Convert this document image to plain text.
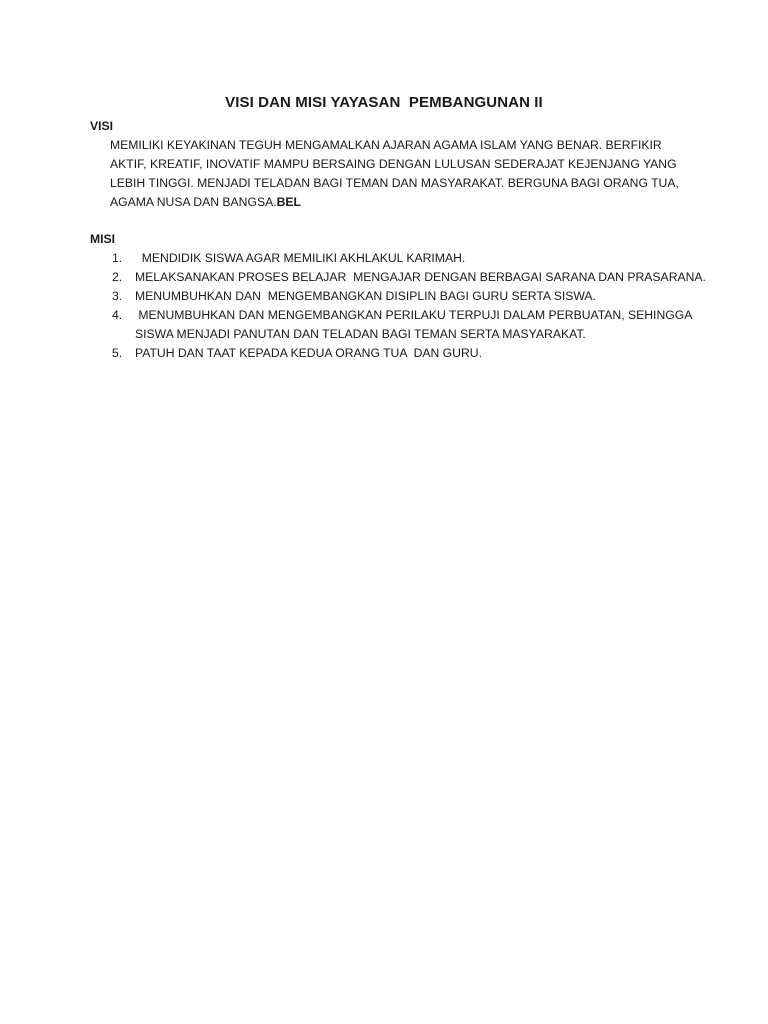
VISI DAN MISI YAYASAN  PEMBANGUNAN II
VISI
MEMILIKI KEYAKINAN TEGUH MENGAMALKAN AJARAN AGAMA ISLAM YANG BENAR. BERFIKIR
AKTIF, KREATIF, INOVATIF MAMPU BERSAING DENGAN LULUSAN SEDERAJAT KEJENJANG YANG
LEBIH TINGGI. MENJADI TELADAN BAGI TEMAN DAN MASYARAKAT. BERGUNA BAGI ORANG TUA,
AGAMA NUSA DAN BANGSA.BEL
MISI
1. MENDIDIK SISWA AGAR MEMILIKI AKHLAKUL KARIMAH.
2. MELAKSANAKAN PROSES BELAJAR  MENGAJAR DENGAN BERBAGAI SARANA DAN PRASARANA.
3. MENUMBUHKAN DAN  MENGEMBANGKAN DISIPLIN BAGI GURU SERTA SISWA.
4. MENUMBUHKAN DAN MENGEMBANGKAN PERILAKU TERPUJI DALAM PERBUATAN, SEHINGGA
SISWA MENJADI PANUTAN DAN TELADAN BAGI TEMAN SERTA MASYARAKAT.
5. PATUH DAN TAAT KEPADA KEDUA ORANG TUA  DAN GURU.
